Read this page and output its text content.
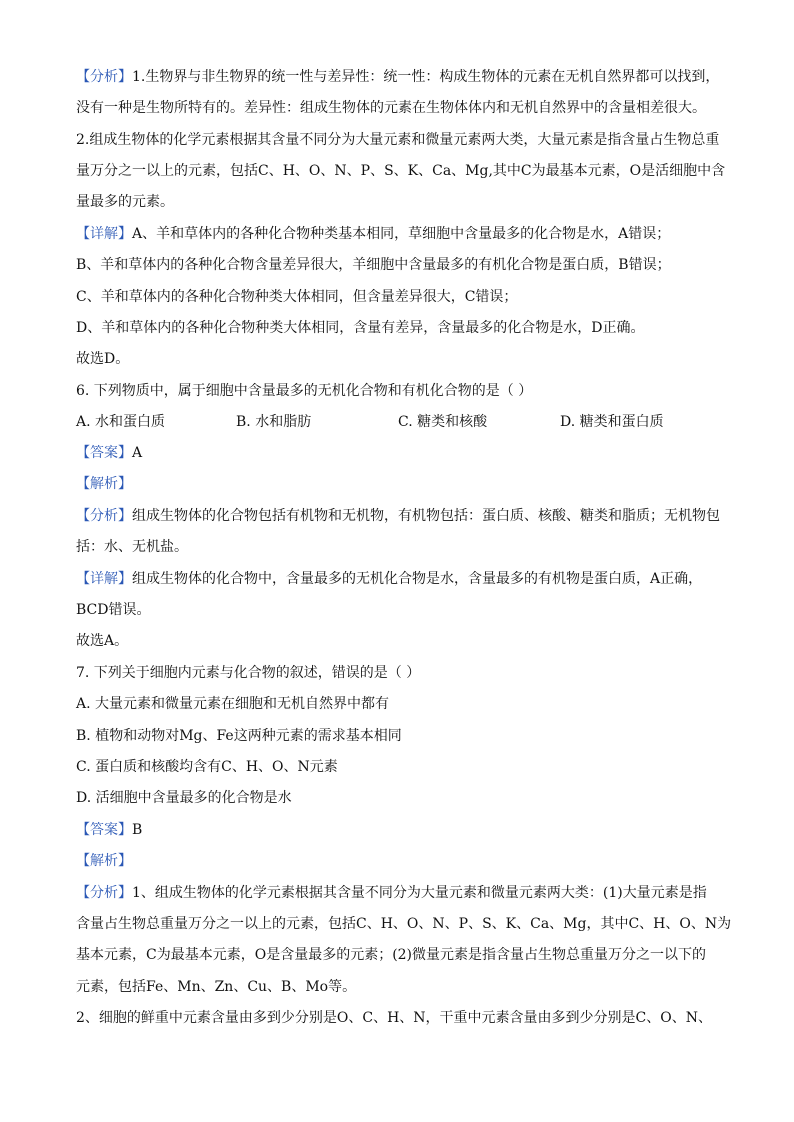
【分析】1.生物界与非生物界的统一性与差异性：统一性：构成生物体的元素在无机自然界都可以找到，
没有一种是生物所特有的。差异性：组成生物体的元素在生物体体内和无机自然界中的含量相差很大。
2.组成生物体的化学元素根据其含量不同分为大量元素和微量元素两大类，大量元素是指含量占生物总重
量万分之一以上的元素，包括C、H、O、N、P、S、K、Ca、Mg,其中C为最基本元素，O是活细胞中含
量最多的元素。
【详解】A、羊和草体内的各种化合物种类基本相同，草细胞中含量最多的化合物是水，A错误；
B、羊和草体内的各种化合物含量差异很大，羊细胞中含量最多的有机化合物是蛋白质，B错误；
C、羊和草体内的各种化合物种类大体相同，但含量差异很大，C错误；
D、羊和草体内的各种化合物种类大体相同，含量有差异，含量最多的化合物是水，D正确。
故选D。
6. 下列物质中，属于细胞中含量最多的无机化合物和有机化合物的是（ ）
A. 水和蛋白质	B. 水和脂肪	C. 糖类和核酸	D. 糖类和蛋白质
【答案】A
【解析】
【分析】组成生物体的化合物包括有机物和无机物，有机物包括：蛋白质、核酸、糖类和脂质；无机物包
括：水、无机盐。
【详解】组成生物体的化合物中，含量最多的无机化合物是水，含量最多的有机物是蛋白质，A正确，
BCD错误。
故选A。
7. 下列关于细胞内元素与化合物的叙述，错误的是（ ）
A. 大量元素和微量元素在细胞和无机自然界中都有
B. 植物和动物对Mg、Fe这两种元素的需求基本相同
C. 蛋白质和核酸均含有C、H、O、N元素
D. 活细胞中含量最多的化合物是水
【答案】B
【解析】
【分析】1、组成生物体的化学元素根据其含量不同分为大量元素和微量元素两大类：(1)大量元素是指
含量占生物总重量万分之一以上的元素，包括C、H、O、N、P、S、K、Ca、Mg，其中C、H、O、N为
基本元素，C为最基本元素，O是含量最多的元素；(2)微量元素是指含量占生物总重量万分之一以下的
元素，包括Fe、Mn、Zn、Cu、B、Mo等。
2、细胞的鲜重中元素含量由多到少分别是O、C、H、N，干重中元素含量由多到少分别是C、O、N、
